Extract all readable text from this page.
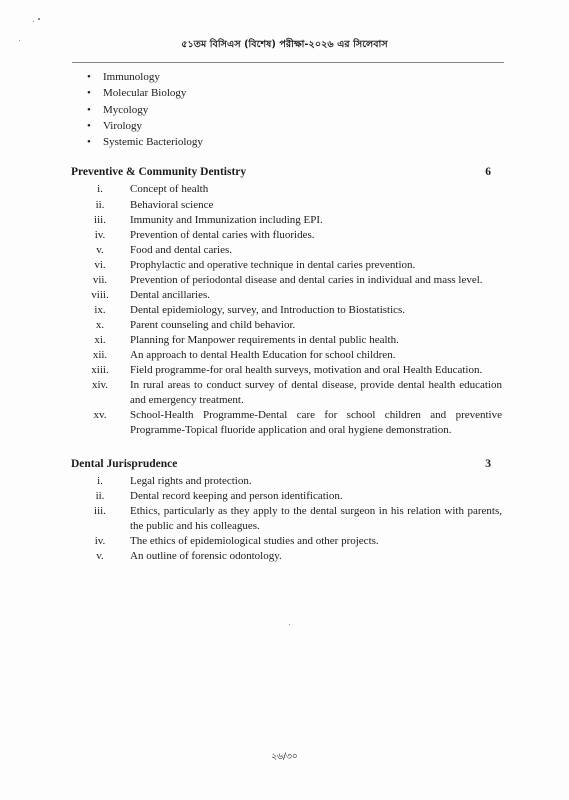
৫১তম বিসিএস (বিশেষ) পরীক্ষা-২০২৬ এর সিলেবাস
• Immunology
• Molecular Biology
• Mycology
• Virology
• Systemic Bacteriology
Preventive & Community Dentistry	6
i.	Concept of health
ii.	Behavioral science
iii.	Immunity and Immunization including EPI.
iv.	Prevention of dental caries with fluorides.
v.	Food and dental caries.
vi.	Prophylactic and operative technique in dental caries prevention.
vii.	Prevention of periodontal disease and dental caries in individual and mass level.
viii.	Dental ancillaries.
ix.	Dental epidemiology, survey, and Introduction to Biostatistics.
x.	Parent counseling and child behavior.
xi.	Planning for Manpower requirements in dental public health.
xii.	An approach to dental Health Education for school children.
xiii.	Field programme-for oral health surveys, motivation and oral Health Education.
xiv.	In rural areas to conduct survey of dental disease, provide dental health education and emergency treatment.
xv.	School-Health Programme-Dental care for school children and preventive Programme-Topical fluoride application and oral hygiene demonstration.
Dental Jurisprudence	3
i.	Legal rights and protection.
ii.	Dental record keeping and person identification.
iii.	Ethics, particularly as they apply to the dental surgeon in his relation with parents, the public and his colleagues.
iv.	The ethics of epidemiological studies and other projects.
v.	An outline of forensic odontology.
২৬/৩০
